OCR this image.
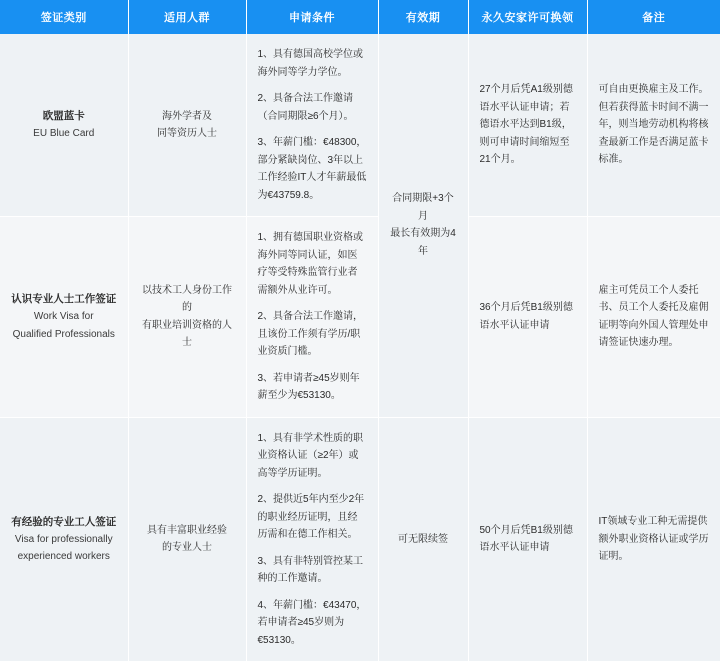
签证类别	适用人群	申请条件	有效期	永久安家许可换领	备注

欧盟蓝卡
EU Blue Card	海外学者及
同等资历人士	1、具有德国高校学位或海外同等学力学位。
2、具备合法工作邀请（合同期限≥6个月）。
3、年薪门槛：€48300，部分紧缺岗位、3年以上工作经验IT人才年薪最低为€43759.8。	合同期限+3个月
最长有效期为4年	27个月后凭A1级别德语水平认证申请；若德语水平达到B1级，则可申请时间缩短至21个月。	可自由更换雇主及工作。但若获得蓝卡时间不满一年，则当地劳动机构将核查最新工作是否满足蓝卡标准。

认识专业人士工作签证
Work Visa for
Qualified Professionals	以技术工人身份工作的
有职业培训资格的人士	1、拥有德国职业资格或海外同等同认证，如医疗等受特殊监管行业者需额外从业许可。
2、具备合法工作邀请，且该份工作须有学历/职业资质门槛。
3、若申请者≥45岁则年薪至少为€53130。		36个月后凭B1级别德语水平认证申请	雇主可凭员工个人委托书、员工个人委托及雇佣证明等向外国人管理处申请签证快速办理。

有经验的专业工人签证
Visa for professionally
experienced workers	具有丰富职业经验
的专业人士	1、具有非学术性质的职业资格认证（≥2年）或高等学历证明。
2、提供近5年内至少2年的职业经历证明，且经历需和在德工作相关。
3、具有非特别管控某工种的工作邀请。
4、年薪门槛：€43470，若申请者≥45岁则为€53130。	可无限续签	50个月后凭B1级别德语水平认证申请	IT领域专业工种无需提供额外职业资格认证或学历证明。
